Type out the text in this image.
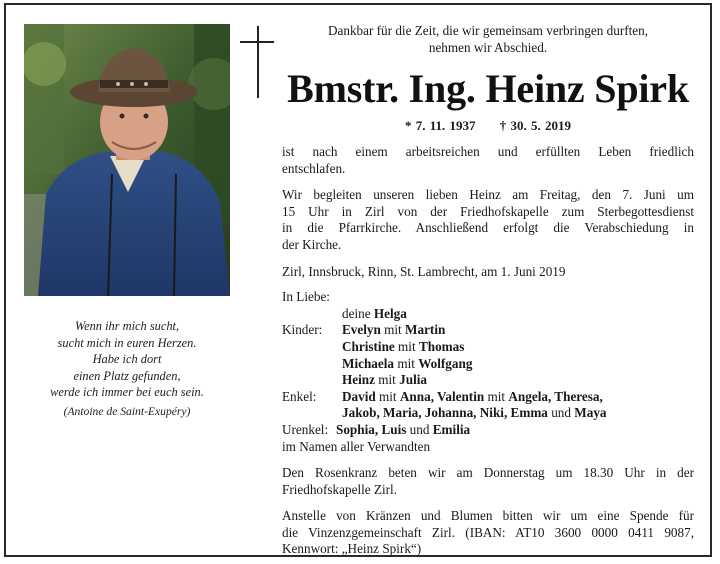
Wenn ihr mich sucht,
sucht mich in euren Herzen.
Habe ich dort
einen Platz gefunden,
werde ich immer bei euch sein.
(Antoine de Saint-Exupéry)
Dankbar für die Zeit, die wir gemeinsam verbringen durften,
nehmen wir Abschied.
Bmstr. Ing. Heinz Spirk
* 7. 11. 1937 † 30. 5. 2019
ist nach einem arbeitsreichen und erfüllten Leben friedlich
entschlafen.
Wir begleiten unseren lieben Heinz am Freitag, den 7. Juni um
15 Uhr in Zirl von der Friedhofskapelle zum Sterbegottesdienst
in die Pfarrkirche. Anschließend erfolgt die Verabschiedung in
der Kirche.
Zirl, Innsbruck, Rinn, St. Lambrecht, am 1. Juni 2019
In Liebe:
deine Helga
Kinder:	Evelyn mit Martin
Christine mit Thomas
Michaela mit Wolfgang
Heinz mit Julia
Enkel:	David mit Anna, Valentin mit Angela, Theresa,
Jakob, Maria, Johanna, Niki, Emma und Maya
Urenkel: Sophia, Luis und Emilia
im Namen aller Verwandten
Den Rosenkranz beten wir am Donnerstag um 18.30 Uhr in der
Friedhofskapelle Zirl.
Anstelle von Kränzen und Blumen bitten wir um eine Spende für
die Vinzenzgemeinschaft Zirl. (IBAN: AT10 3600 0000 0411 9087,
Kennwort: „Heinz Spirk“)
